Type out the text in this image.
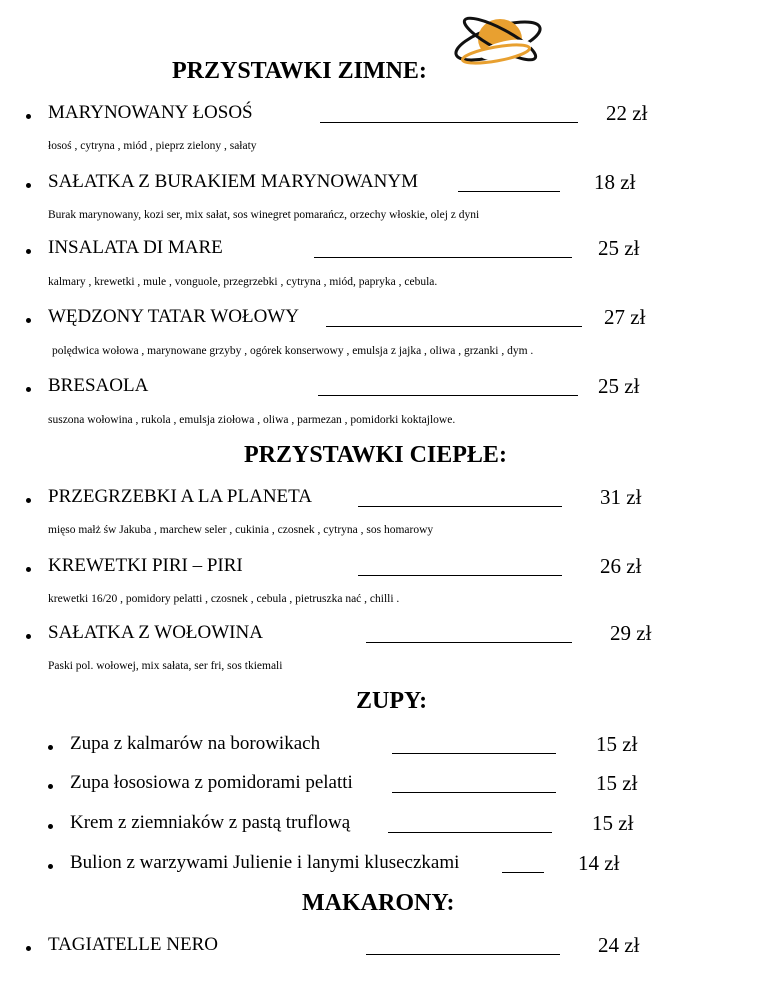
PRZYSTAWKI ZIMNE:
MARYNOWANY ŁOSOŚ	22 zł
łosoś , cytryna , miód , pieprz zielony , sałaty
SAŁATKA Z BURAKIEM MARYNOWANYM	18 zł
Burak marynowany, kozi ser, mix sałat, sos winegret pomarańcz, orzechy włoskie, olej z dyni
INSALATA DI MARE	25 zł
kalmary , krewetki , mule , vonguole, przegrzebki , cytryna , miód, papryka , cebula.
WĘDZONY TATAR WOŁOWY	27 zł
polędwica wołowa , marynowane grzyby , ogórek konserwowy , emulsja z jajka , oliwa , grzanki , dym .
BRESAOLA	25 zł
suszona wołowina , rukola , emulsja ziołowa , oliwa , parmezan , pomidorki koktajlowe.
PRZYSTAWKI CIEPŁE:
PRZEGRZEBKI A LA PLANETA	31 zł
mięso małż św Jakuba , marchew seler , cukinia , czosnek , cytryna , sos homarowy
KREWETKI PIRI – PIRI	26 zł
krewetki 16/20 , pomidory pelatti , czosnek , cebula , pietruszka nać , chilli .
SAŁATKA Z WOŁOWINA	29 zł
Paski pol. wołowej, mix sałata, ser fri, sos tkiemali
ZUPY:
Zupa z kalmarów na borowikach	15 zł
Zupa łososiowa z pomidorami pelatti	15 zł
Krem z ziemniaków z pastą truflową	15 zł
Bulion z warzywami Julienie i lanymi kluseczkami	14 zł
MAKARONY:
TAGIATELLE NERO	24 zł
